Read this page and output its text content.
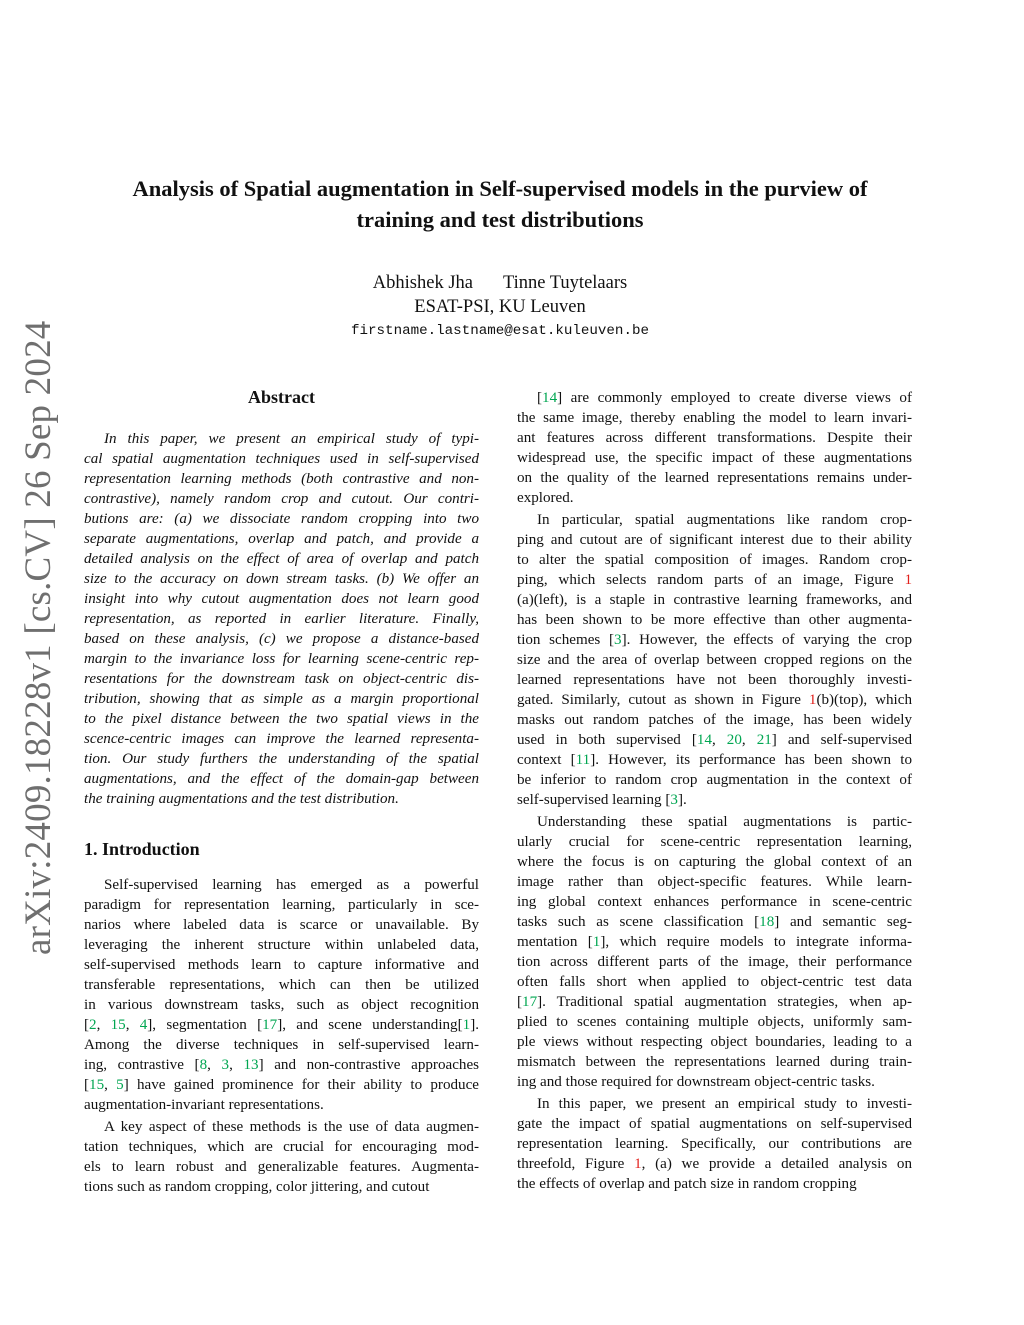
arXiv:2409.18228v1 [cs.CV] 26 Sep 2024
Analysis of Spatial augmentation in Self-supervised models in the purview of
training and test distributions
Abhishek Jha Tinne Tuytelaars
ESAT-PSI, KU Leuven
firstname.lastname@esat.kuleuven.be
Abstract
In this paper, we present an empirical study of typi-
cal spatial augmentation techniques used in self-supervised
representation learning methods (both contrastive and non-
contrastive), namely random crop and cutout. Our contri-
butions are: (a) we dissociate random cropping into two
separate augmentations, overlap and patch, and provide a
detailed analysis on the effect of area of overlap and patch
size to the accuracy on down stream tasks. (b) We offer an
insight into why cutout augmentation does not learn good
representation, as reported in earlier literature. Finally,
based on these analysis, (c) we propose a distance-based
margin to the invariance loss for learning scene-centric rep-
resentations for the downstream task on object-centric dis-
tribution, showing that as simple as a margin proportional
to the pixel distance between the two spatial views in the
scence-centric images can improve the learned representa-
tion. Our study furthers the understanding of the spatial
augmentations, and the effect of the domain-gap between
the training augmentations and the test distribution.
1. Introduction
Self-supervised learning has emerged as a powerful
paradigm for representation learning, particularly in sce-
narios where labeled data is scarce or unavailable. By
leveraging the inherent structure within unlabeled data,
self-supervised methods learn to capture informative and
transferable representations, which can then be utilized
in various downstream tasks, such as object recognition
[2, 15, 4], segmentation [17], and scene understanding[1].
Among the diverse techniques in self-supervised learn-
ing, contrastive [8, 3, 13] and non-contrastive approaches
[15, 5] have gained prominence for their ability to produce
augmentation-invariant representations.
A key aspect of these methods is the use of data augmen-
tation techniques, which are crucial for encouraging mod-
els to learn robust and generalizable features. Augmenta-
tions such as random cropping, color jittering, and cutout
[14] are commonly employed to create diverse views of
the same image, thereby enabling the model to learn invari-
ant features across different transformations. Despite their
widespread use, the specific impact of these augmentations
on the quality of the learned representations remains under-
explored.
In particular, spatial augmentations like random crop-
ping and cutout are of significant interest due to their ability
to alter the spatial composition of images. Random crop-
ping, which selects random parts of an image, Figure 1
(a)(left), is a staple in contrastive learning frameworks, and
has been shown to be more effective than other augmenta-
tion schemes [3]. However, the effects of varying the crop
size and the area of overlap between cropped regions on the
learned representations have not been thoroughly investi-
gated. Similarly, cutout as shown in Figure 1(b)(top), which
masks out random patches of the image, has been widely
used in both supervised [14, 20, 21] and self-supervised
context [11]. However, its performance has been shown to
be inferior to random crop augmentation in the context of
self-supervised learning [3].
Understanding these spatial augmentations is partic-
ularly crucial for scene-centric representation learning,
where the focus is on capturing the global context of an
image rather than object-specific features. While learn-
ing global context enhances performance in scene-centric
tasks such as scene classification [18] and semantic seg-
mentation [1], which require models to integrate informa-
tion across different parts of the image, their performance
often falls short when applied to object-centric test data
[17]. Traditional spatial augmentation strategies, when ap-
plied to scenes containing multiple objects, uniformly sam-
ple views without respecting object boundaries, leading to a
mismatch between the representations learned during train-
ing and those required for downstream object-centric tasks.
In this paper, we present an empirical study to investi-
gate the impact of spatial augmentations on self-supervised
representation learning. Specifically, our contributions are
threefold, Figure 1, (a) we provide a detailed analysis on
the effects of overlap and patch size in random cropping
